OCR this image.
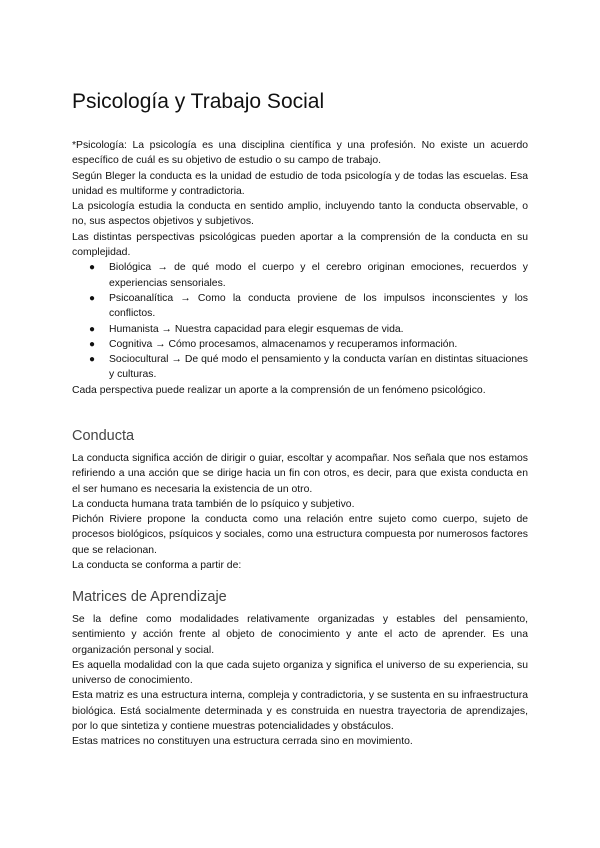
Psicología y Trabajo Social

*Psicología: La psicología es una disciplina científica y una profesión. No existe un acuerdo específico de cuál es su objetivo de estudio o su campo de trabajo.

Según Bleger la conducta es la unidad de estudio de toda psicología y de todas las escuelas. Esa unidad es multiforme y contradictoria.

La psicología estudia la conducta en sentido amplio, incluyendo tanto la conducta observable, o no, sus aspectos objetivos y subjetivos.

Las distintas perspectivas psicológicas pueden aportar a la comprensión de la conducta en su complejidad.

● Biológica → de qué modo el cuerpo y el cerebro originan emociones, recuerdos y experiencias sensoriales.
● Psicoanalítica → Como la conducta proviene de los impulsos inconscientes y los conflictos.
● Humanista → Nuestra capacidad para elegir esquemas de vida.
● Cognitiva → Cómo procesamos, almacenamos y recuperamos información.
● Sociocultural → De qué modo el pensamiento y la conducta varían en distintas situaciones y culturas.

Cada perspectiva puede realizar un aporte a la comprensión de un fenómeno psicológico.

Conducta

La conducta significa acción de dirigir o guiar, escoltar y acompañar. Nos señala que nos estamos refiriendo a una acción que se dirige hacia un fin con otros, es decir, para que exista conducta en el ser humano es necesaria la existencia de un otro.

La conducta humana trata también de lo psíquico y subjetivo.

Pichón Riviere propone la conducta como una relación entre sujeto como cuerpo, sujeto de procesos biológicos, psíquicos y sociales, como una estructura compuesta por numerosos factores que se relacionan.

La conducta se conforma a partir de:

Matrices de Aprendizaje

Se la define como modalidades relativamente organizadas y estables del pensamiento, sentimiento y acción frente al objeto de conocimiento y ante el acto de aprender. Es una organización personal y social.

Es aquella modalidad con la que cada sujeto organiza y significa el universo de su experiencia, su universo de conocimiento.

Esta matriz es una estructura interna, compleja y contradictoria, y se sustenta en su infraestructura biológica. Está socialmente determinada y es construida en nuestra trayectoria de aprendizajes, por lo que sintetiza y contiene muestras potencialidades y obstáculos.

Estas matrices no constituyen una estructura cerrada sino en movimiento.
